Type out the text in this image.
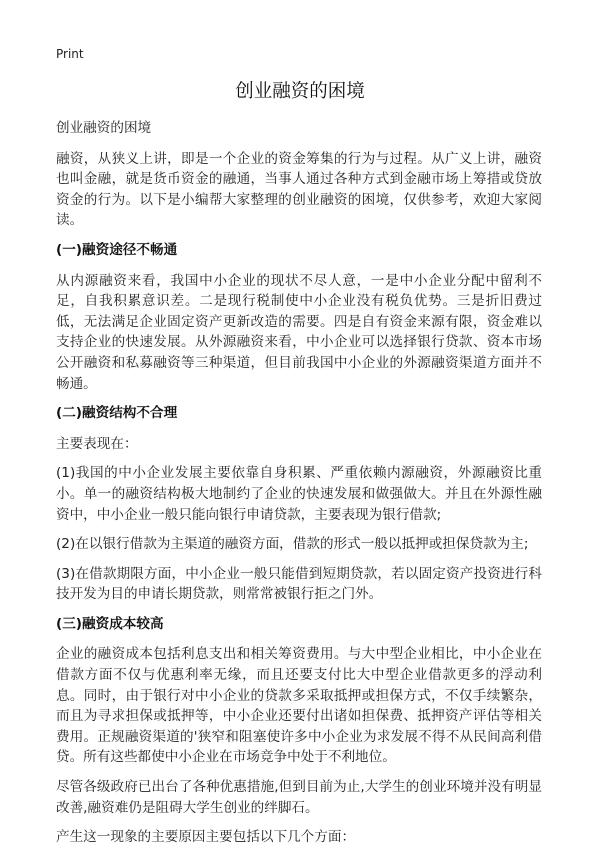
Print
创业融资的困境

创业融资的困境

融资，从狭义上讲，即是一个企业的资金筹集的行为与过程。从广义上讲，融资也叫金融，就是货币资金的融通，当事人通过各种方式到金融市场上筹措或贷放资金的行为。以下是小编帮大家整理的创业融资的困境，仅供参考，欢迎大家阅读。

(一)融资途径不畅通

从内源融资来看，我国中小企业的现状不尽人意，一是中小企业分配中留利不足，自我积累意识差。二是现行税制使中小企业没有税负优势。三是折旧费过低，无法满足企业固定资产更新改造的需要。四是自有资金来源有限，资金难以支持企业的快速发展。从外源融资来看，中小企业可以选择银行贷款、资本市场公开融资和私募融资等三种渠道，但目前我国中小企业的外源融资渠道方面并不畅通。

(二)融资结构不合理

主要表现在：

(1)我国的中小企业发展主要依靠自身积累、严重依赖内源融资，外源融资比重小。单一的融资结构极大地制约了企业的快速发展和做强做大。并且在外源性融资中，中小企业一般只能向银行申请贷款，主要表现为银行借款;

(2)在以银行借款为主渠道的融资方面，借款的形式一般以抵押或担保贷款为主;

(3)在借款期限方面，中小企业一般只能借到短期贷款，若以固定资产投资进行科技开发为目的申请长期贷款，则常常被银行拒之门外。

(三)融资成本较高

企业的融资成本包括利息支出和相关筹资费用。与大中型企业相比，中小企业在借款方面不仅与优惠利率无缘，而且还要支付比大中型企业借款更多的浮动利息。同时，由于银行对中小企业的贷款多采取抵押或担保方式，不仅手续繁杂，而且为寻求担保或抵押等，中小企业还要付出诸如担保费、抵押资产评估等相关费用。正规融资渠道的'狭窄和阻塞使许多中小企业为求发展不得不从民间高利借贷。所有这些都使中小企业在市场竞争中处于不利地位。

尽管各级政府已出台了各种优惠措施,但到目前为止,大学生的创业环境并没有明显改善,融资难仍是阻碍大学生创业的绊脚石。

产生这一现象的主要原因主要包括以下几个方面：
